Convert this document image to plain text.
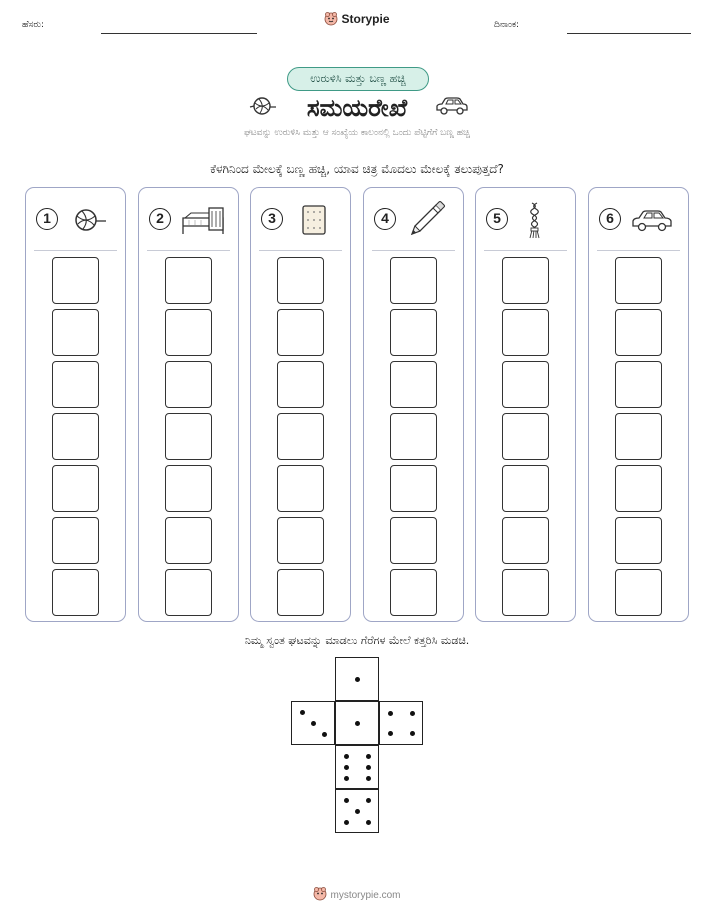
ಹೆಸರು:	Storypie	ದಿನಾಂಕ:
ಉರುಳಿಸಿ ಮತ್ತು ಬಣ್ಣ ಹಚ್ಚಿ
ಸಮಯರೇಖೆ
ಘಟವನ್ನು ಉರುಳಿಸಿ ಮತ್ತು ಆ ಸಂಖ್ಯೆಯ ಕಾಲಂನಲ್ಲಿ ಒಂದು ಪೆಟ್ಟಿಗೆಗೆ ಬಣ್ಣ ಹಚ್ಚಿ
ಕೆಳಗಿನಿಂದ ಮೇಲಕ್ಕೆ ಬಣ್ಣ ಹಚ್ಚಿ, ಯಾವ ಚಿತ್ರ ಮೊದಲು ಮೇಲಕ್ಕೆ ತಲುಪುತ್ತದೆ?
1	2	3	4	5	6
ನಿಮ್ಮ ಸ್ವಂತ ಘಟವನ್ನು ಮಾಡಲು ಗೆರೆಗಳ ಮೇಲೆ ಕತ್ತರಿಸಿ ಮಡಚಿ.
mystorypie.com
